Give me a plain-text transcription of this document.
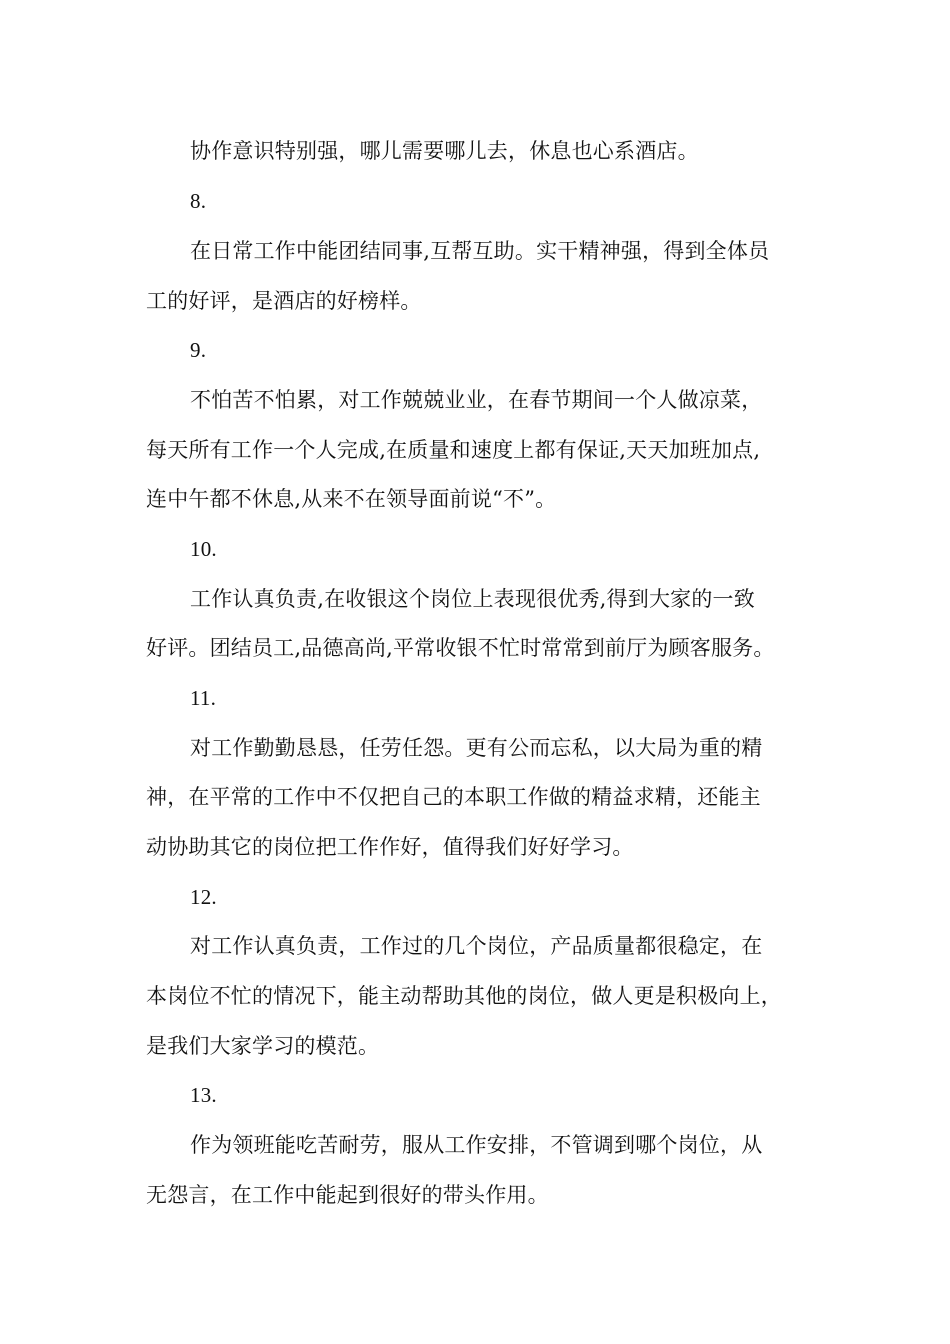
协作意识特别强，哪儿需要哪儿去，休息也心系酒店。
8.
在日常工作中能团结同事,互帮互助。实干精神强，得到全体员
工的好评，是酒店的好榜样。
9.
不怕苦不怕累，对工作兢兢业业，在春节期间一个人做凉菜，
每天所有工作一个人完成,在质量和速度上都有保证,天天加班加点,
连中午都不休息,从来不在领导面前说“不”。
10.
工作认真负责,在收银这个岗位上表现很优秀,得到大家的一致
好评。团结员工,品德高尚,平常收银不忙时常常到前厅为顾客服务。
11.
对工作勤勤恳恳，任劳任怨。更有公而忘私，以大局为重的精
神，在平常的工作中不仅把自己的本职工作做的精益求精，还能主
动协助其它的岗位把工作作好，值得我们好好学习。
12.
对工作认真负责，工作过的几个岗位，产品质量都很稳定，在
本岗位不忙的情况下，能主动帮助其他的岗位，做人更是积极向上，
是我们大家学习的模范。
13.
作为领班能吃苦耐劳，服从工作安排，不管调到哪个岗位，从
无怨言，在工作中能起到很好的带头作用。
